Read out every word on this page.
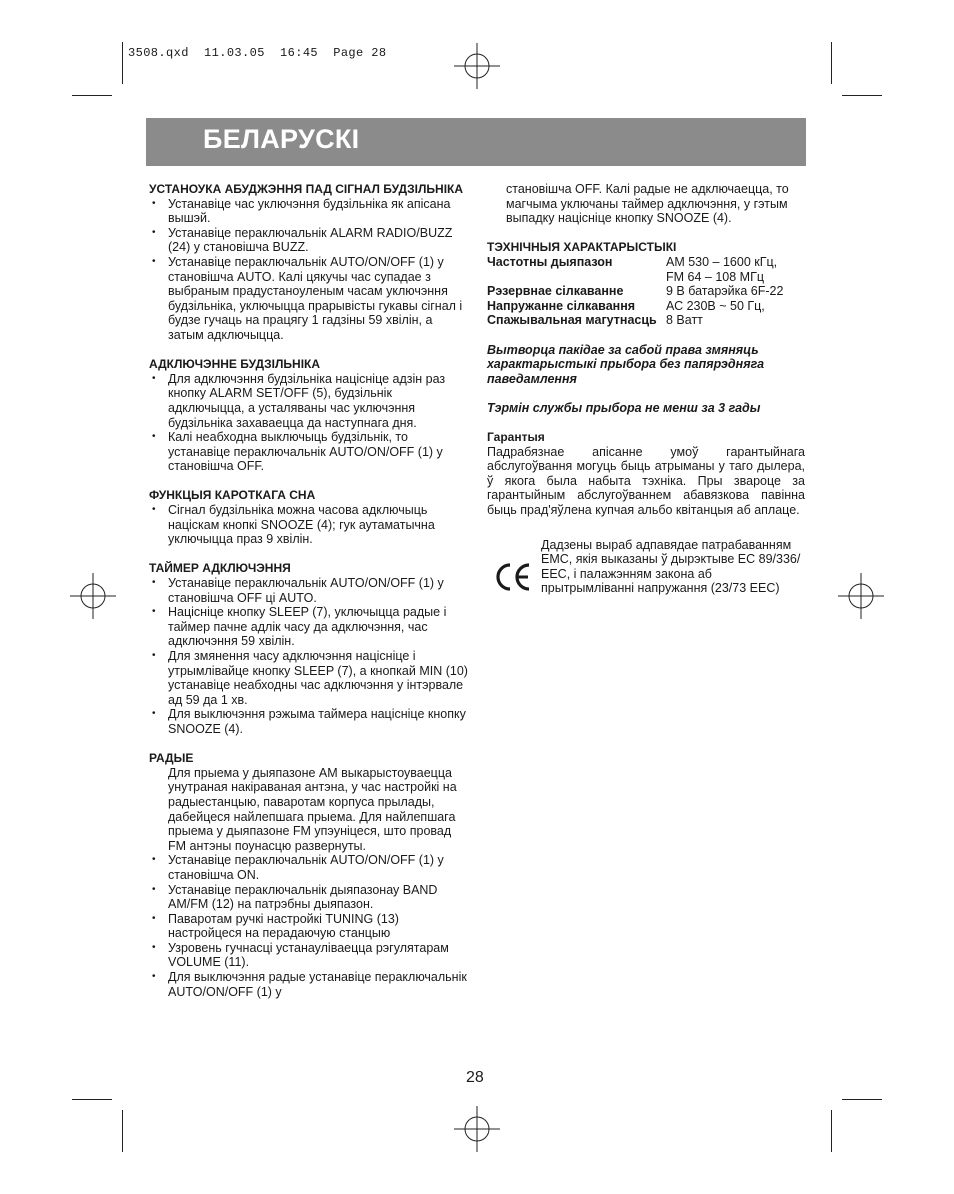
3508.qxd  11.03.05  16:45  Page 28
БЕЛАРУСКІ
УСТАНОУКА АБУДЖЭННЯ ПАД СІГНАЛ БУДЗІЛЬНІКА
• Устанавіце час уключэння будзільніка як апісана вышэй.
• Устанавіце пераключальнік ALARM RADIO/BUZZ (24) у становішча BUZZ.
• Устанавіце пераключальнік AUTO/ON/OFF (1) у становішча AUTO. Калі цякучы час супадае з выбраным прадустаноуленым часам уключэння будзільніка, уключыцца прарывісты гукавы сігнал і будзе гучаць на працягу 1 гадзіны 59 хвілін, а затым адключыцца.
АДКЛЮЧЭННЕ БУДЗІЛЬНІКА
• Для адключэння будзільніка націсніце адзін раз кнопку ALARM SET/OFF (5), будзільнік адключыцца, а усталяваны час уключэння будзільніка захаваецца да наступнага дня.
• Калі неабходна выключыць будзільнік, то устанавіце пераключальнік AUTO/ON/OFF (1) у становішча OFF.
ФУНКЦЫЯ КАРОТКАГА СНА
• Сігнал будзільніка можна часова адключыць націскам кнопкі SNOOZE (4); гук аутаматычна уключыцца праз 9 хвілін.
ТАЙМЕР АДКЛЮЧЭННЯ
• Устанавіце пераключальнік AUTO/ON/OFF (1) у становішча OFF ці AUTO.
• Націсніце кнопку SLEEP (7), уключыцца радые і таймер пачне адлік часу да адключэння, час адключэння 59 хвілін.
• Для змянення часу адключэння націсніце і утрымлівайце кнопку SLEEP (7), а кнопкай MIN (10) устанавіце неабходны час адключэння у інтэрвале ад 59 да 1 хв.
• Для выключэння рэжыма таймера націсніце кнопку SNOOZE (4).
РАДЫЕ

Для прыема у дыяпазоне АМ выкарыстоуваецца унутраная накіраваная антэна, у час настройкі на радыестанцыю, паваротам корпуса прылады, дабейцеся найлепшага прыема. Для найлепшага прыема у дыяпазоне FM упэуніцеся, што провад FM антэны поунасцю развернуты.

• Устанавіце пераключальнік AUTO/ON/OFF (1) у становішча ON.
• Устанавіце пераключальнік дыяпазонау BAND AM/FM (12) на патрэбны дыяпазон.
• Паваротам ручкі настройкі TUNING (13) настройцеся на перадаючую станцыю
• Узровень гучнасці устанауліваецца рэгулятарам VOLUME (11).
• Для выключэння радые устанавіце пераключальнік AUTO/ON/OFF (1) у

становішча OFF. Калі радые не адключаецца, то магчыма уключаны таймер адключэння, у гэтым выпадку націсніце кнопку SNOOZE (4).

ТЭХНІЧНЫЯ ХАРАКТАРЫСТЫКІ
Частотны дыяпазон	АМ 530 – 1600 кГц,
FM 64 – 108 МГц
Рэзервнае сілкаванне	9 В батарэйка 6F-22
Напружанне сілкавання	АС 230В ~ 50 Гц,
Спажывальная магутнасць	8 Ватт

Вытворца пакідае за сабой права змяняць характарыстыкі прыбора без папярэдняга паведамлення

Тэрмін службы прыбора не менш за 3 гады

Гарантыя

Падрабязнае апісанне умоў гарантыйнага абслугоўвання могуць быць атрыманы у таго дылера, ў якога была набыта тэхніка. Пры звароце за гарантыйным абслугоўваннем абавязкова павінна быць прад'яўлена купчая альбо квітанцыя аб аплаце.

Дадзены выраб адпавядае патрабаванням ЕМС, якія выказаны ў дырэктыве ЕС 89/336/ЕЕС, і палажэнням закона аб прытрымліванні напружання (23/73 ЕЕС)

28
